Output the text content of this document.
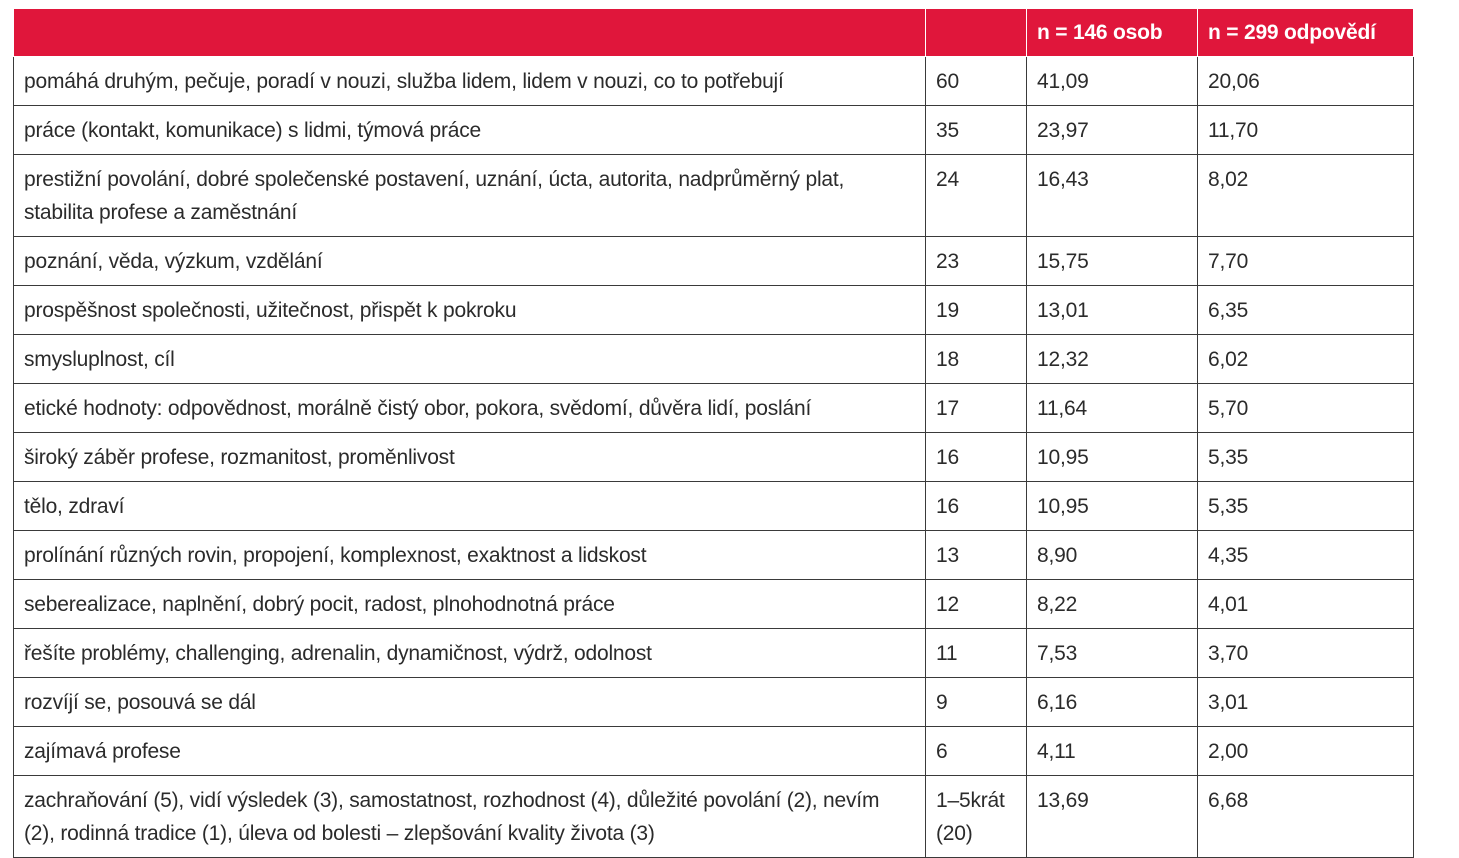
		n = 146 osob	n = 299 odpovědí
pomáhá druhým, pečuje, poradí v nouzi, služba lidem, lidem v nouzi, co to potřebují	60	41,09	20,06
práce (kontakt, komunikace) s lidmi, týmová práce	35	23,97	11,70
prestižní povolání, dobré společenské postavení, uznání, úcta, autorita, nadprůměrný plat, stabilita profese a zaměstnání	24	16,43	8,02
poznání, věda, výzkum, vzdělání	23	15,75	7,70
prospěšnost společnosti, užitečnost, přispět k pokroku	19	13,01	6,35
smysluplnost, cíl	18	12,32	6,02
etické hodnoty: odpovědnost, morálně čistý obor, pokora, svědomí, důvěra lidí, poslání	17	11,64	5,70
široký záběr profese, rozmanitost, proměnlivost	16	10,95	5,35
tělo, zdraví	16	10,95	5,35
prolínání různých rovin, propojení, komplexnost, exaktnost a lidskost	13	8,90	4,35
seberealizace, naplnění, dobrý pocit, radost, plnohodnotná práce	12	8,22	4,01
řešíte problémy, challenging, adrenalin, dynamičnost, výdrž, odolnost	11	7,53	3,70
rozvíjí se, posouvá se dál	9	6,16	3,01
zajímavá profese	6	4,11	2,00
zachraňování (5), vidí výsledek (3), samostatnost, rozhodnost (4), důležité povolání (2), nevím (2), rodinná tradice (1), úleva od bolesti – zlepšování kvality života (3)	1–5krát (20)	13,69	6,68
